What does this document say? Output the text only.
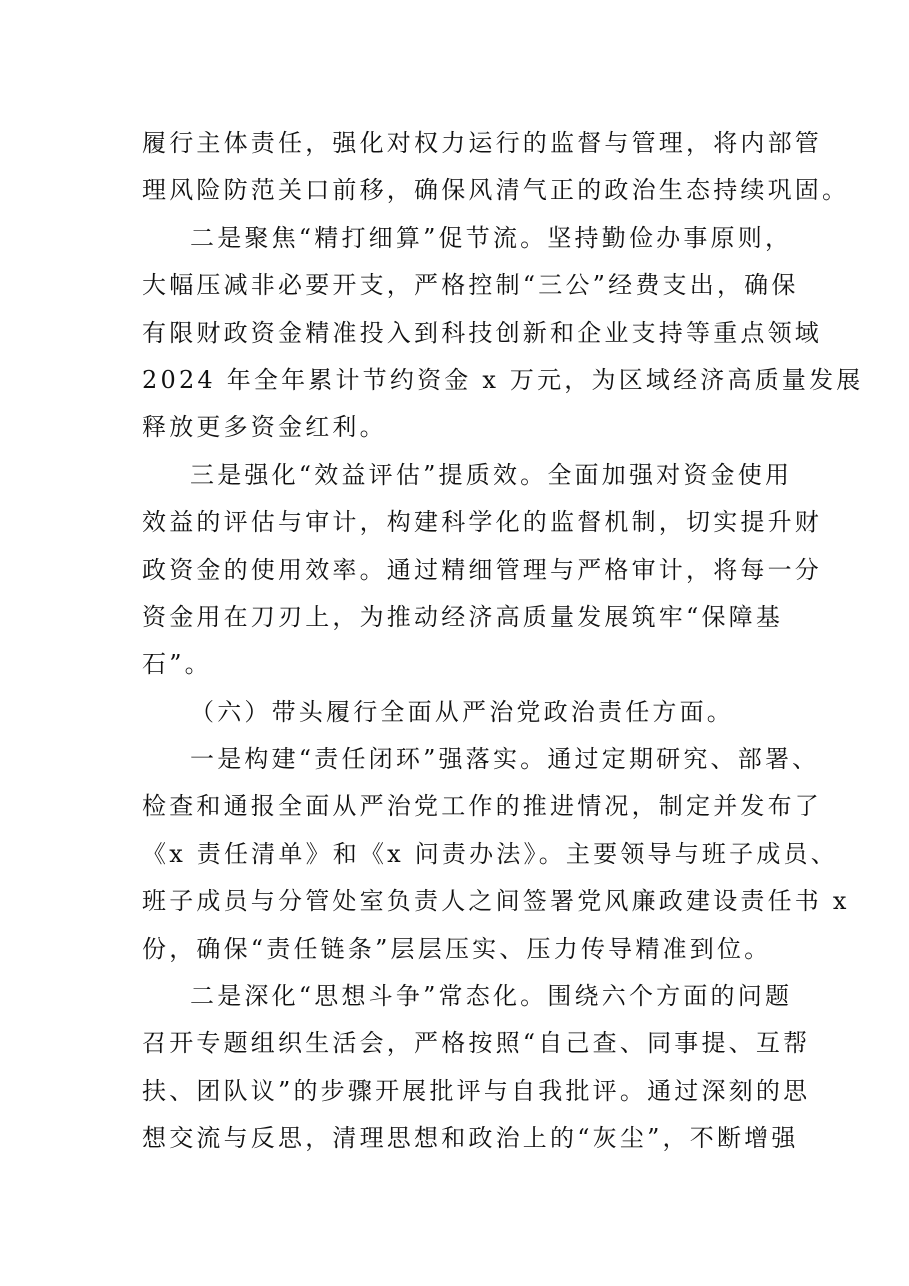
履行主体责任，强化对权力运行的监督与管理，将内部管
理风险防范关口前移，确保风清气正的政治生态持续巩固。
二是聚焦“精打细算”促节流。坚持勤俭办事原则，
大幅压减非必要开支，严格控制“三公”经费支出，确保
有限财政资金精准投入到科技创新和企业支持等重点领域
2024 年全年累计节约资金 x 万元，为区域经济高质量发展
释放更多资金红利。
三是强化“效益评估”提质效。全面加强对资金使用
效益的评估与审计，构建科学化的监督机制，切实提升财
政资金的使用效率。通过精细管理与严格审计，将每一分
资金用在刀刃上，为推动经济高质量发展筑牢“保障基
石”。
（六）带头履行全面从严治党政治责任方面。
一是构建“责任闭环”强落实。通过定期研究、部署、
检查和通报全面从严治党工作的推进情况，制定并发布了
《x 责任清单》和《x 问责办法》。主要领导与班子成员、
班子成员与分管处室负责人之间签署党风廉政建设责任书 x
份，确保“责任链条”层层压实、压力传导精准到位。
二是深化“思想斗争”常态化。围绕六个方面的问题
召开专题组织生活会，严格按照“自己查、同事提、互帮
扶、团队议”的步骤开展批评与自我批评。通过深刻的思
想交流与反思，清理思想和政治上的“灰尘”，不断增强
